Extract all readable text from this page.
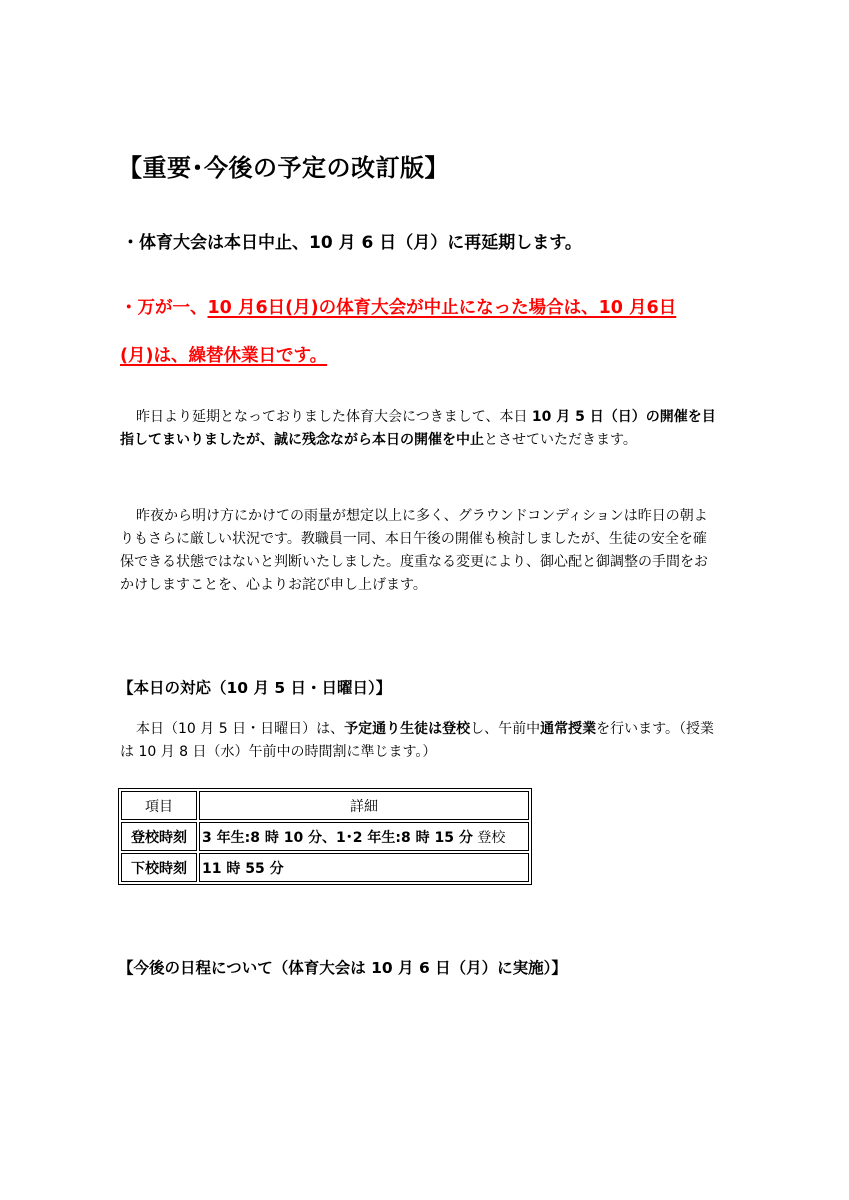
【重要･今後の予定の改訂版】
・体育大会は本日中止、10 月 6 日（月）に再延期します。
・万が一、10 月6日(月)の体育大会が中止になった場合は、10 月6日
(月)は、繰替休業日です。
昨日より延期となっておりました体育大会につきまして、本日 10 月 5 日（日）の開催を目指してまいりましたが、誠に残念ながら本日の開催を中止とさせていただきます。
昨夜から明け方にかけての雨量が想定以上に多く、グラウンドコンディションは昨日の朝よりもさらに厳しい状況です。教職員一同、本日午後の開催も検討しましたが、生徒の安全を確保できる状態ではないと判断いたしました。度重なる変更により、御心配と御調整の手間をおかけしますことを、心よりお詫び申し上げます。
【本日の対応（10 月 5 日・日曜日）】
本日（10 月 5 日・日曜日）は、予定通り生徒は登校し、午前中通常授業を行います。（授業は 10 月 8 日（水）午前中の時間割に準じます。）
項目	詳細
登校時刻	3 年生:8 時 10 分、1･2 年生:8 時 15 分 登校
下校時刻	11 時 55 分
【今後の日程について（体育大会は 10 月 6 日（月）に実施）】
